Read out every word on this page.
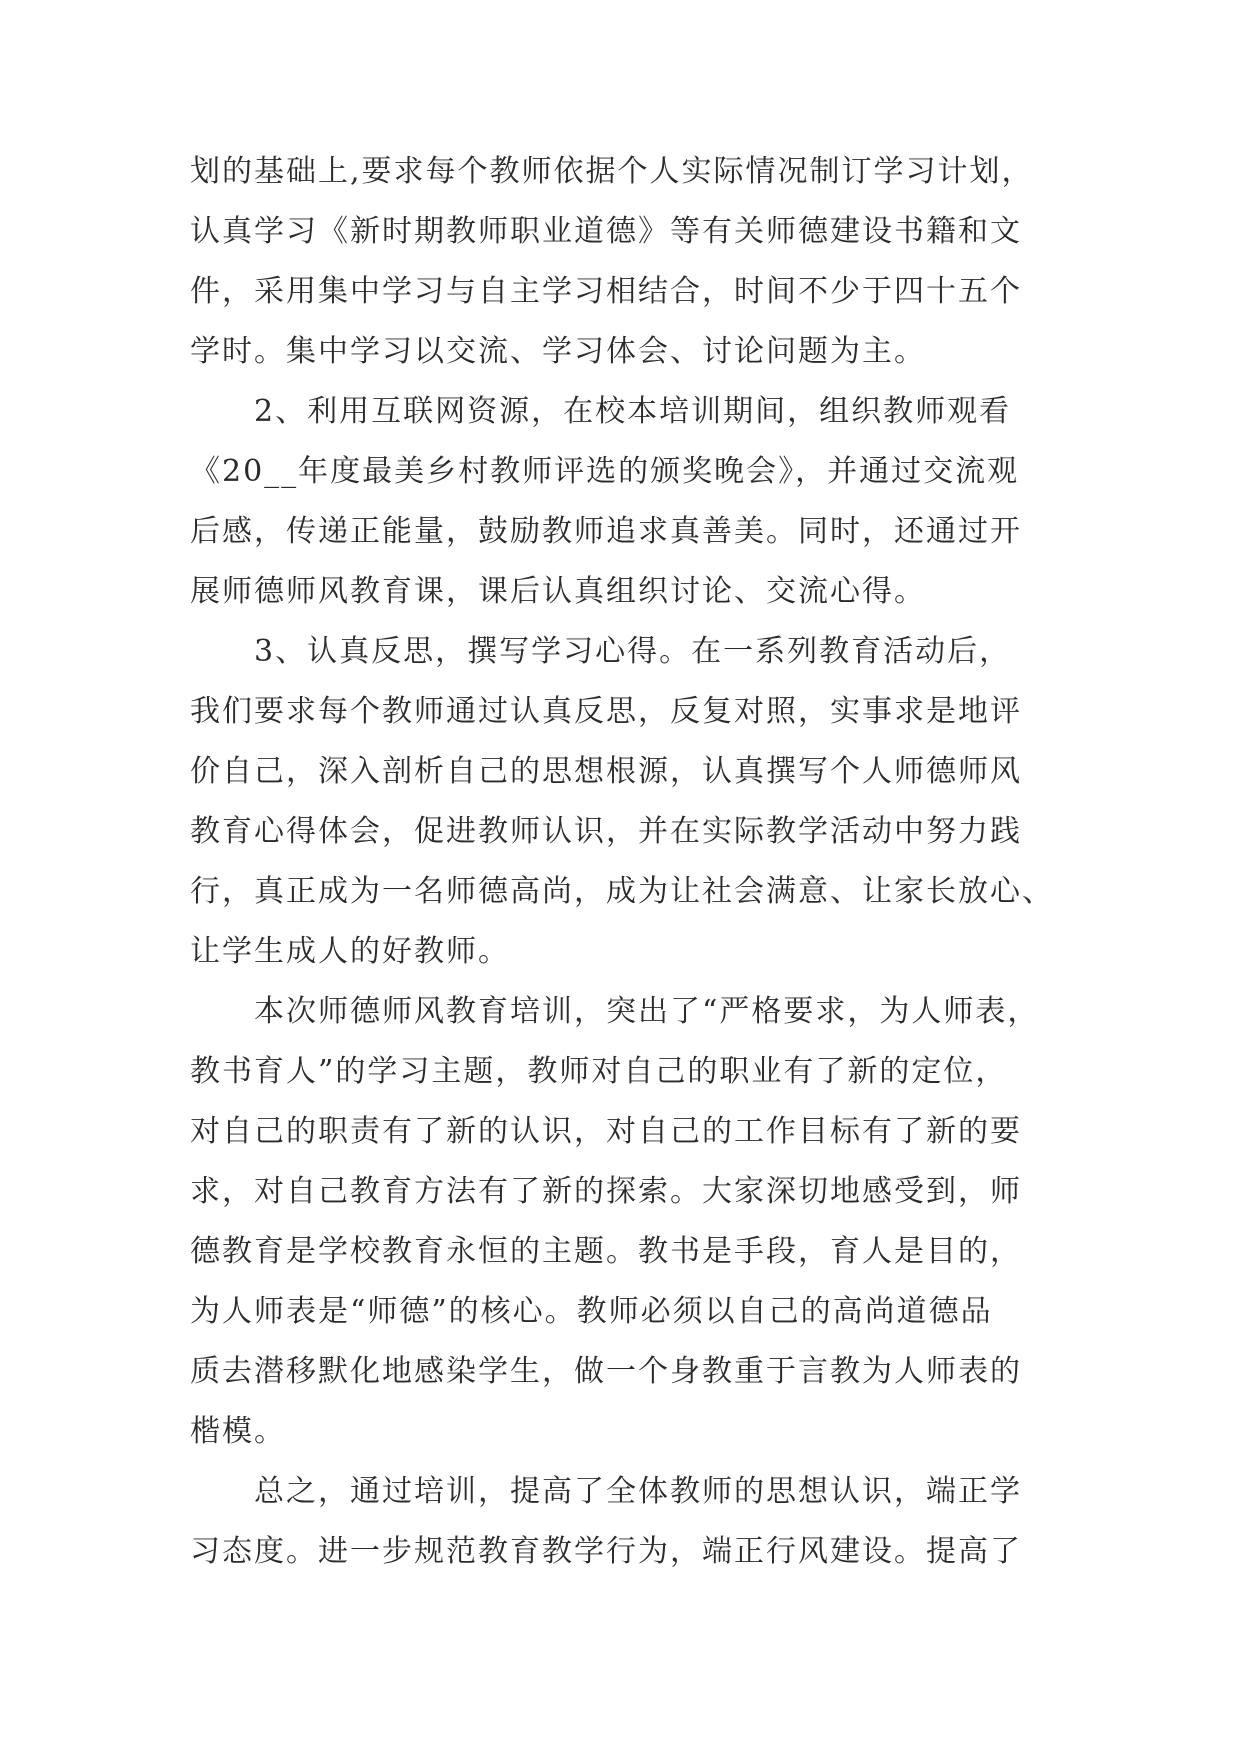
划的基础上,要求每个教师依据个人实际情况制订学习计划，
认真学习《新时期教师职业道德》等有关师德建设书籍和文
件，采用集中学习与自主学习相结合，时间不少于四十五个
学时。集中学习以交流、学习体会、讨论问题为主。
2、利用互联网资源，在校本培训期间，组织教师观看
《20__年度最美乡村教师评选的颁奖晚会》，并通过交流观
后感，传递正能量，鼓励教师追求真善美。同时，还通过开
展师德师风教育课，课后认真组织讨论、交流心得。
3、认真反思，撰写学习心得。在一系列教育活动后，
我们要求每个教师通过认真反思，反复对照，实事求是地评
价自己，深入剖析自己的思想根源，认真撰写个人师德师风
教育心得体会，促进教师认识，并在实际教学活动中努力践
行，真正成为一名师德高尚，成为让社会满意、让家长放心、
让学生成人的好教师。
本次师德师风教育培训，突出了“严格要求，为人师表，
教书育人”的学习主题，教师对自己的职业有了新的定位，
对自己的职责有了新的认识，对自己的工作目标有了新的要
求，对自己教育方法有了新的探索。大家深切地感受到，师
德教育是学校教育永恒的主题。教书是手段，育人是目的，
为人师表是“师德”的核心。教师必须以自己的高尚道德品
质去潜移默化地感染学生，做一个身教重于言教为人师表的
楷模。
总之，通过培训，提高了全体教师的思想认识，端正学
习态度。进一步规范教育教学行为，端正行风建设。提高了
